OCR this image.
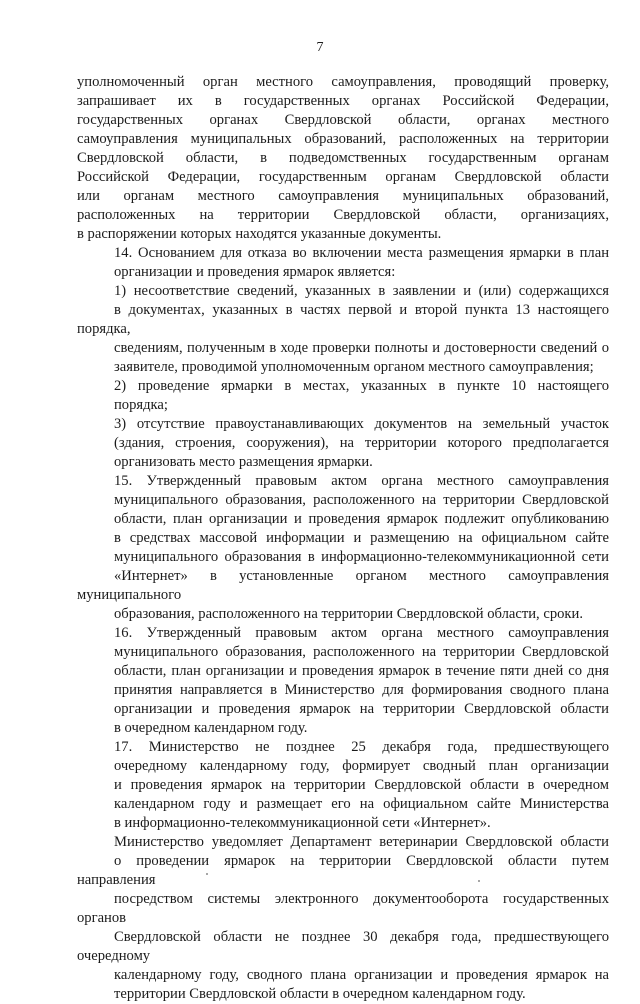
7

уполномоченный орган местного самоуправления, проводящий проверку,
запрашивает их в государственных органах Российской Федерации,
государственных органах Свердловской области, органах местного
самоуправления муниципальных образований, расположенных на территории
Свердловской области, в подведомственных государственным органам
Российской Федерации, государственным органам Свердловской области
или органам местного самоуправления муниципальных образований,
расположенных на территории Свердловской области, организациях,
в распоряжении которых находятся указанные документы.

14. Основанием для отказа во включении места размещения ярмарки в план
организации и проведения ярмарок является:

1) несоответствие сведений, указанных в заявлении и (или) содержащихся
в документах, указанных в частях первой и второй пункта 13 настоящего порядка,
сведениям, полученным в ходе проверки полноты и достоверности сведений о
заявителе, проводимой уполномоченным органом местного самоуправления;

2) проведение ярмарки в местах, указанных в пункте 10 настоящего
порядка;

3) отсутствие правоустанавливающих документов на земельный участок
(здания, строения, сооружения), на территории которого предполагается
организовать место размещения ярмарки.

15. Утвержденный правовым актом органа местного самоуправления
муниципального образования, расположенного на территории Свердловской
области, план организации и проведения ярмарок подлежит опубликованию
в средствах массовой информации и размещению на официальном сайте
муниципального образования в информационно-телекоммуникационной сети
«Интернет» в установленные органом местного самоуправления муниципального
образования, расположенного на территории Свердловской области, сроки.

16. Утвержденный правовым актом органа местного самоуправления
муниципального образования, расположенного на территории Свердловской
области, план организации и проведения ярмарок в течение пяти дней со дня
принятия направляется в Министерство для формирования сводного плана
организации и проведения ярмарок на территории Свердловской области
в очередном календарном году.

17. Министерство не позднее 25 декабря года, предшествующего
очередному календарному году, формирует сводный план организации
и проведения ярмарок на территории Свердловской области в очередном
календарном году и размещает его на официальном сайте Министерства
в информационно-телекоммуникационной сети «Интернет».

Министерство уведомляет Департамент ветеринарии Свердловской области
о проведении ярмарок на территории Свердловской области путем направления
посредством системы электронного документооборота государственных органов
Свердловской области не позднее 30 декабря года, предшествующего очередному
календарному году, сводного плана организации и проведения ярмарок на
территории Свердловской области в очередном календарном году.
